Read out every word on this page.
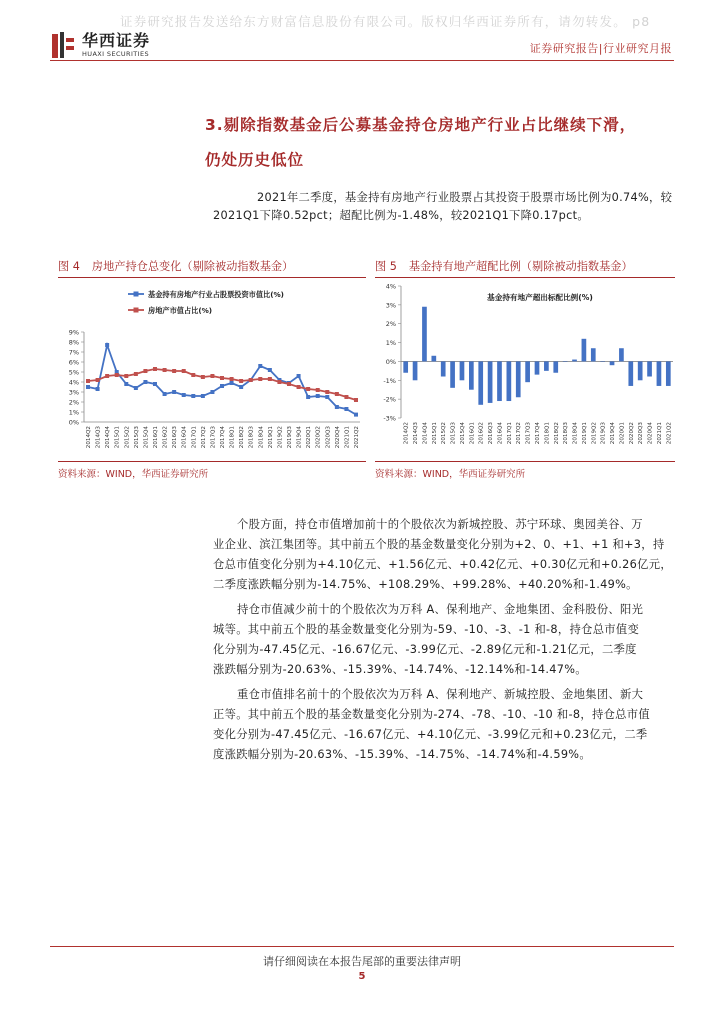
证券研究报告发送给东方财富信息股份有限公司。版权归华西证券所有，请勿转发。 p8
华西证券
HUAXI SECURITIES	证券研究报告|行业研究月报
3.剔除指数基金后公募基金持仓房地产行业占比继续下滑，
仍处历史低位
2021年二季度，基金持有房地产行业股票占其投资于股票市场比例为0.74%，较
2021Q1下降0.52pct；超配比例为-1.48%，较2021Q1下降0.17pct。
图 4 房地产持仓总变化（剔除被动指数基金）	图 5 基金持有地产超配比例（剔除被动指数基金）
0%
1%
2%
3%
4%
5%
6%
7%
8%
9%
2014Q2 2014Q3 2014Q4 2015Q1 2015Q2 2015Q3 2015Q4 2016Q1 2016Q2 2016Q3 2016Q4 2017Q1 2017Q2 2017Q3 2017Q4 2018Q1 2018Q2 2018Q3 2018Q4 2019Q1 2019Q2 2019Q3 2019Q4 2020Q1 2020Q2 2020Q3 2020Q4 2021Q1 2021Q2
基金持有房地产行业占股票投资市值比(%)
房地产市值占比(%)
-3%
-2%
-1%
0%
1%
2%
3%
4%
基金持有地产超出标配比例(%)
2014Q2 2014Q3 2014Q4 2015Q1 2015Q2 2015Q3 2015Q4 2016Q1 2016Q2 2016Q3 2016Q4 2017Q1 2017Q2 2017Q3 2017Q4 2018Q1 2018Q2 2018Q3 2018Q4 2019Q1 2019Q2 2019Q3 2019Q4 2020Q1 2020Q2 2020Q3 2020Q4 2021Q1 2021Q2
资料来源：WIND，华西证券研究所	资料来源：WIND，华西证券研究所
个股方面，持仓市值增加前十的个股依次为新城控股、苏宁环球、奥园美谷、万
业企业、滨江集团等。其中前五个股的基金数量变化分别为+2、0、+1、+1 和+3，持
仓总市值变化分别为+4.10亿元、+1.56亿元、+0.42亿元、+0.30亿元和+0.26亿元，
二季度涨跌幅分别为-14.75%、+108.29%、+99.28%、+40.20%和-1.49%。
持仓市值减少前十的个股依次为万科 A、保利地产、金地集团、金科股份、阳光
城等。其中前五个股的基金数量变化分别为-59、-10、-3、-1 和-8，持仓总市值变
化分别为-47.45亿元、-16.67亿元、-3.99亿元、-2.89亿元和-1.21亿元，二季度
涨跌幅分别为-20.63%、-15.39%、-14.74%、-12.14%和-14.47%。
重仓市值排名前十的个股依次为万科 A、保利地产、新城控股、金地集团、新大
正等。其中前五个股的基金数量变化分别为-274、-78、-10、-10 和-8，持仓总市值
变化分别为-47.45亿元、-16.67亿元、+4.10亿元、-3.99亿元和+0.23亿元，二季
度涨跌幅分别为-20.63%、-15.39%、-14.75%、-14.74%和-4.59%。
请仔细阅读在本报告尾部的重要法律声明
5
